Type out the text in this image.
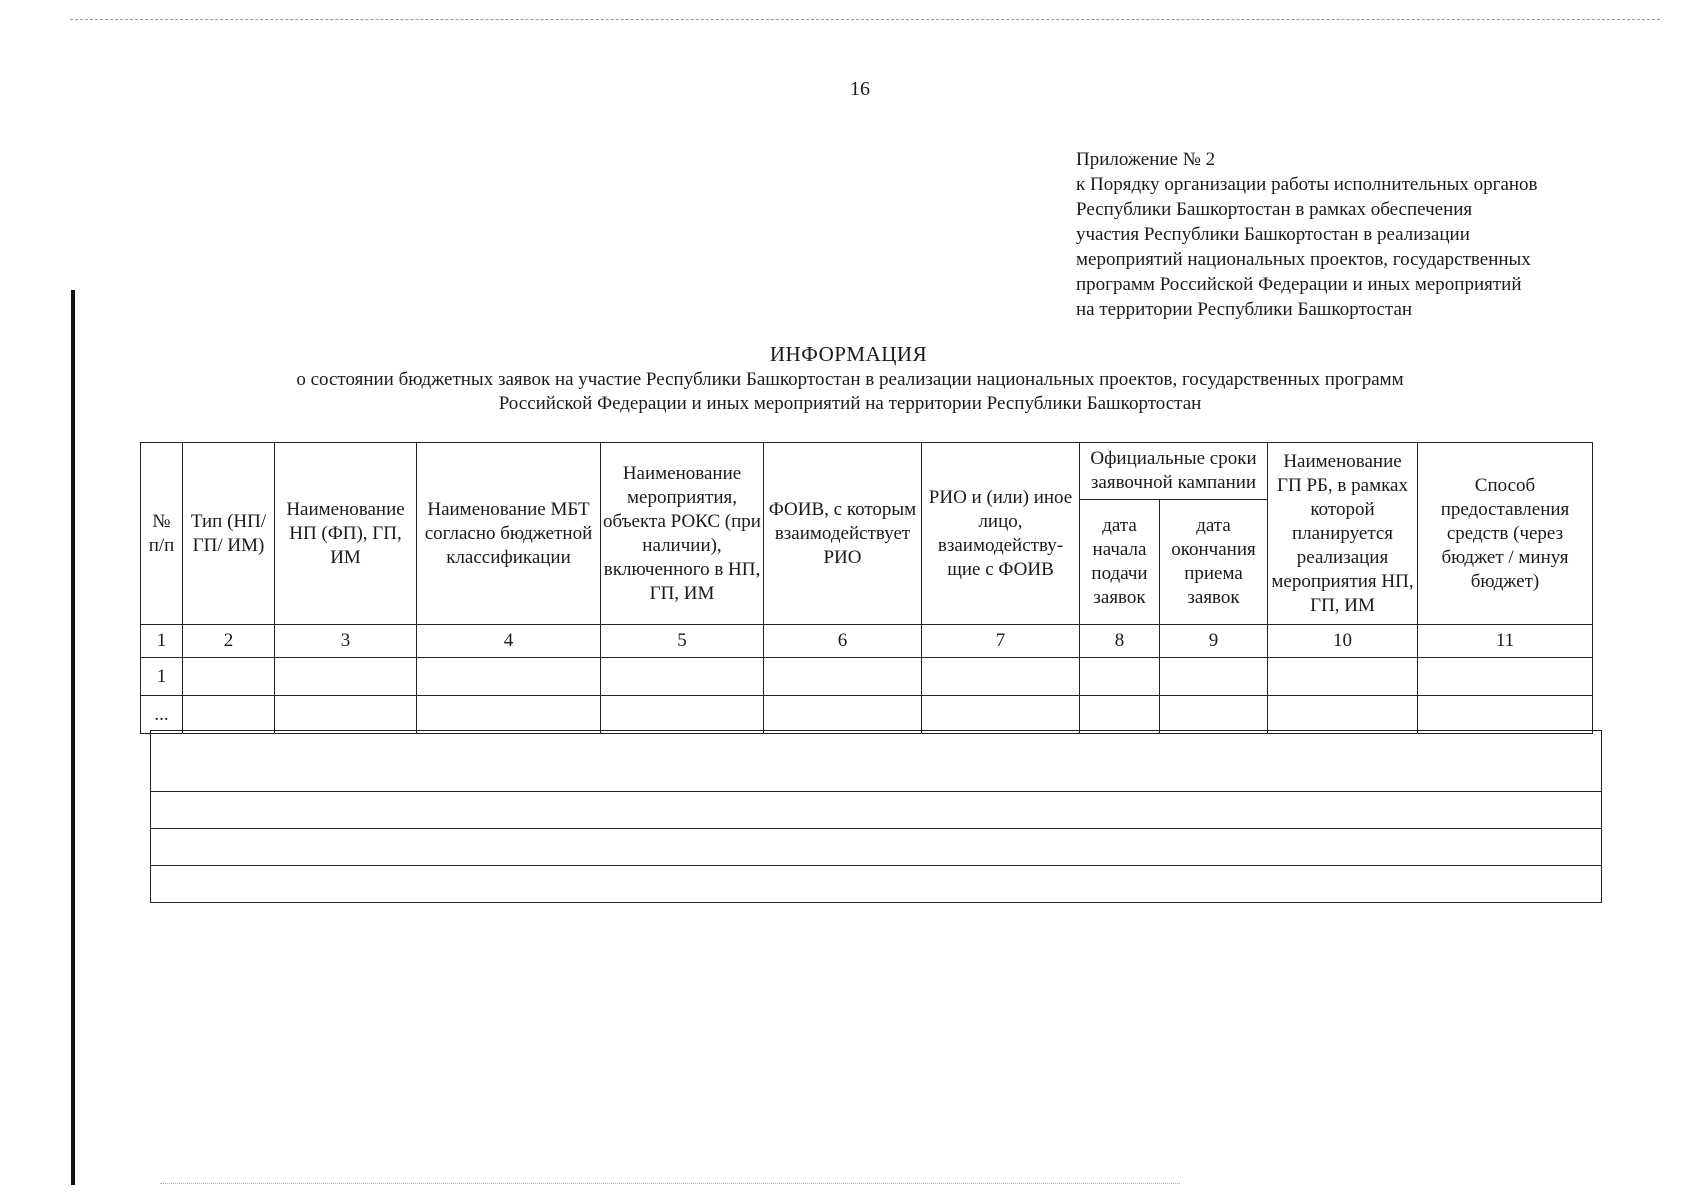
16
Приложение № 2
к Порядку организации работы исполнительных органов
Республики Башкортостан в рамках обеспечения
участия Республики Башкортостан в реализации
мероприятий национальных проектов, государственных
программ Российской Федерации и иных мероприятий
на территории Республики Башкортостан
ИНФОРМАЦИЯ
о состоянии бюджетных заявок на участие Республики Башкортостан в реализации национальных проектов, государственных программ
Российской Федерации и иных мероприятий на территории Республики Башкортостан
№ п/п	Тип (НП/ГП/ ИМ)	Наименование НП (ФП), ГП, ИМ	Наименование МБТ согласно бюджетной классификации	Наименование мероприятия, объекта РОКС (при наличии), включенного в НП, ГП, ИМ	ФОИВ, с которым взаимодействует РИО	РИО и (или) иное лицо, взаимодейству-щие с ФОИВ	Официальные сроки заявочной кампании		Наименование ГП РБ, в рамках которой планируется реализация мероприятия НП, ГП, ИМ	Способ предоставления средств (через бюджет / минуя бюджет)
							дата начала подачи заявок	дата окончания приема заявок		
1	2	3	4	5	6	7	8	9	10	11
1										
...										
